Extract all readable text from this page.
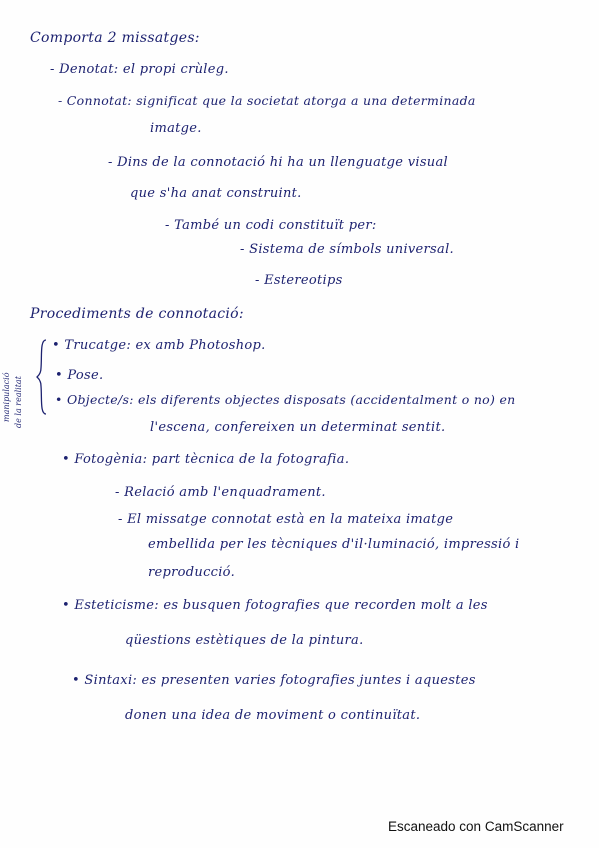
Comporta 2 missatges:
- Denotat: el propi crùleg.
- Connotat: significat que la societat atorga a una determinada
imatge.
- Dins de la connotació hi ha un llenguatge visual
que s'ha anat construint.
- També un codi constituït per:
- Sistema de símbols universal.
- Estereotips
Procediments de connotació:
manipulació de la realitat
• Trucatge: ex amb Photoshop.
• Pose.
• Objecte/s: els diferents objectes disposats (accidentalment o no) en
l'escena, confereixen un determinat sentit.
• Fotogènia: part tècnica de la fotografia.
- Relació amb l'enquadrament.
- El missatge connotat està en la mateixa imatge
embellida per les tècniques d'il·luminació, impressió i
reproducció.
• Esteticisme: es busquen fotografies que recorden molt a les
qüestions estètiques de la pintura.
• Sintaxi: es presenten varies fotografies juntes i aquestes
donen una idea de moviment o continuïtat.
Escaneado con CamScanner
